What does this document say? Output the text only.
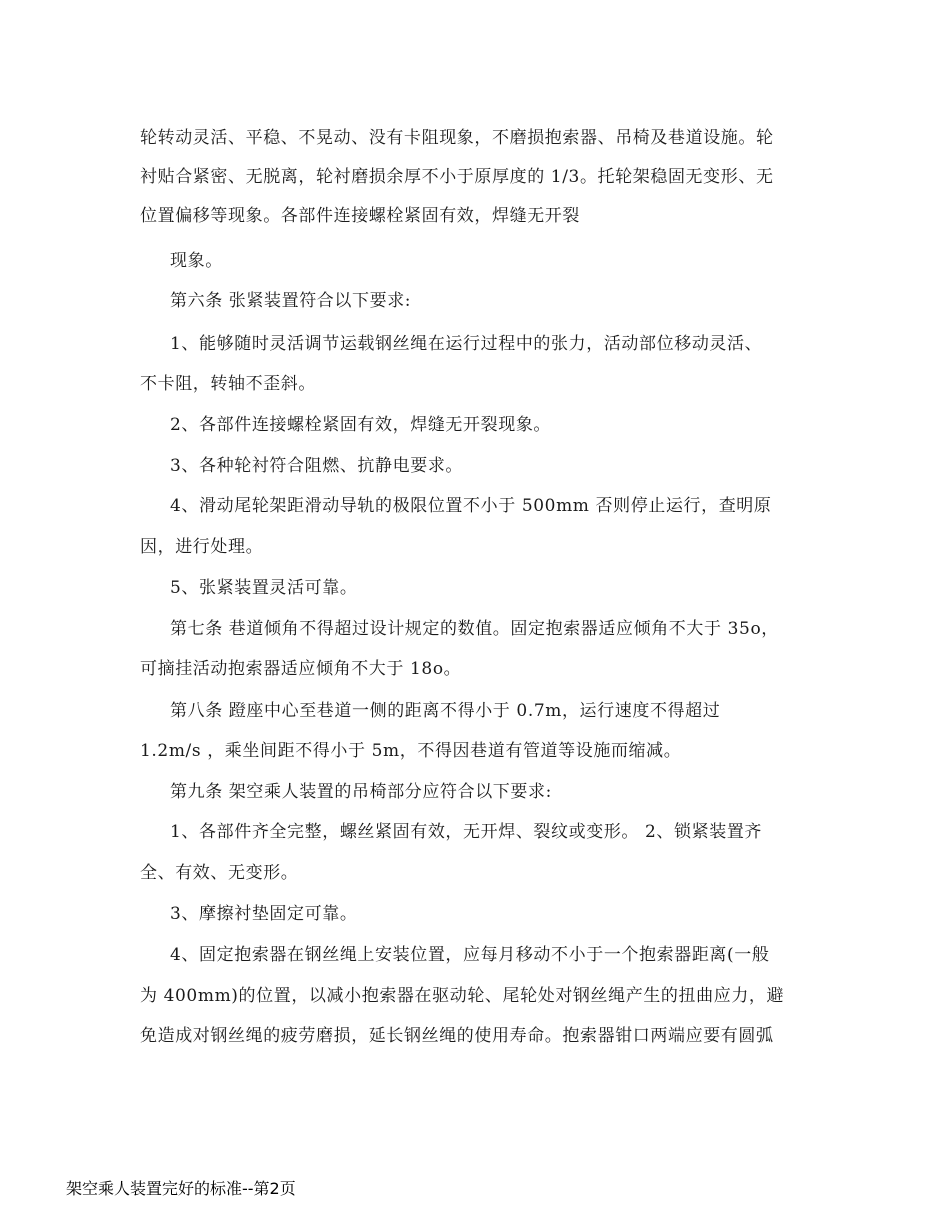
轮转动灵活、平稳、不晃动、没有卡阻现象，不磨损抱索器、吊椅及巷道设施。轮
衬贴合紧密、无脱离，轮衬磨损余厚不小于原厚度的 1/3。托轮架稳固无变形、无
位置偏移等现象。各部件连接螺栓紧固有效，焊缝无开裂
现象。
第六条 张紧装置符合以下要求:
1、能够随时灵活调节运载钢丝绳在运行过程中的张力，活动部位移动灵活、
不卡阻，转轴不歪斜。
2、各部件连接螺栓紧固有效，焊缝无开裂现象。
3、各种轮衬符合阻燃、抗静电要求。
4、滑动尾轮架距滑动导轨的极限位置不小于 500mm 否则停止运行，查明原
因，进行处理。
5、张紧装置灵活可靠。
第七条 巷道倾角不得超过设计规定的数值。固定抱索器适应倾角不大于 35o，
可摘挂活动抱索器适应倾角不大于 18o。
第八条 蹬座中心至巷道一侧的距离不得小于 0.7m，运行速度不得超过
1.2m/s ，乘坐间距不得小于 5m，不得因巷道有管道等设施而缩减。
第九条 架空乘人装置的吊椅部分应符合以下要求:
1、各部件齐全完整，螺丝紧固有效，无开焊、裂纹或变形。 2、锁紧装置齐
全、有效、无变形。
3、摩擦衬垫固定可靠。
4、固定抱索器在钢丝绳上安装位置，应每月移动不小于一个抱索器距离(一般
为 400mm)的位置，以减小抱索器在驱动轮、尾轮处对钢丝绳产生的扭曲应力，避
免造成对钢丝绳的疲劳磨损，延长钢丝绳的使用寿命。抱索器钳口两端应要有圆弧
架空乘人装置完好的标准--第2页
